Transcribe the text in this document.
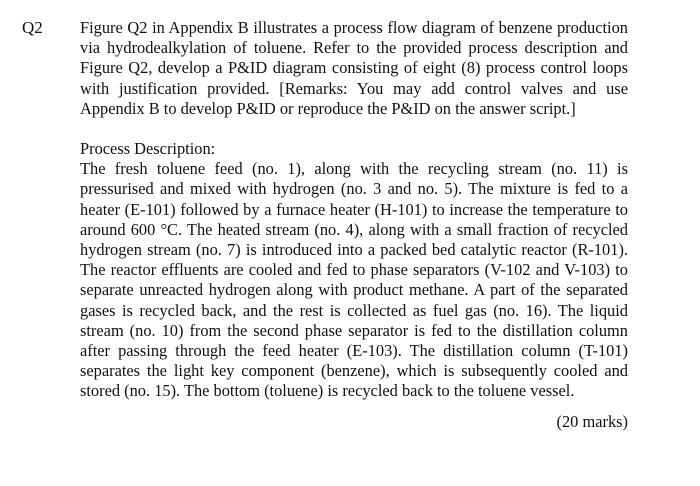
Q2 Figure Q2 in Appendix B illustrates a process flow diagram of benzene production via hydrodealkylation of toluene. Refer to the provided process description and Figure Q2, develop a P&ID diagram consisting of eight (8) process control loops with justification provided. [Remarks: You may add control valves and use Appendix B to develop P&ID or reproduce the P&ID on the answer script.]

Process Description:

The fresh toluene feed (no. 1), along with the recycling stream (no. 11) is pressurised and mixed with hydrogen (no. 3 and no. 5). The mixture is fed to a heater (E-101) followed by a furnace heater (H-101) to increase the temperature to around 600 °C. The heated stream (no. 4), along with a small fraction of recycled hydrogen stream (no. 7) is introduced into a packed bed catalytic reactor (R-101). The reactor effluents are cooled and fed to phase separators (V-102 and V-103) to separate unreacted hydrogen along with product methane. A part of the separated gases is recycled back, and the rest is collected as fuel gas (no. 16). The liquid stream (no. 10) from the second phase separator is fed to the distillation column after passing through the feed heater (E-103). The distillation column (T-101) separates the light key component (benzene), which is subsequently cooled and stored (no. 15). The bottom (toluene) is recycled back to the toluene vessel.

(20 marks)
